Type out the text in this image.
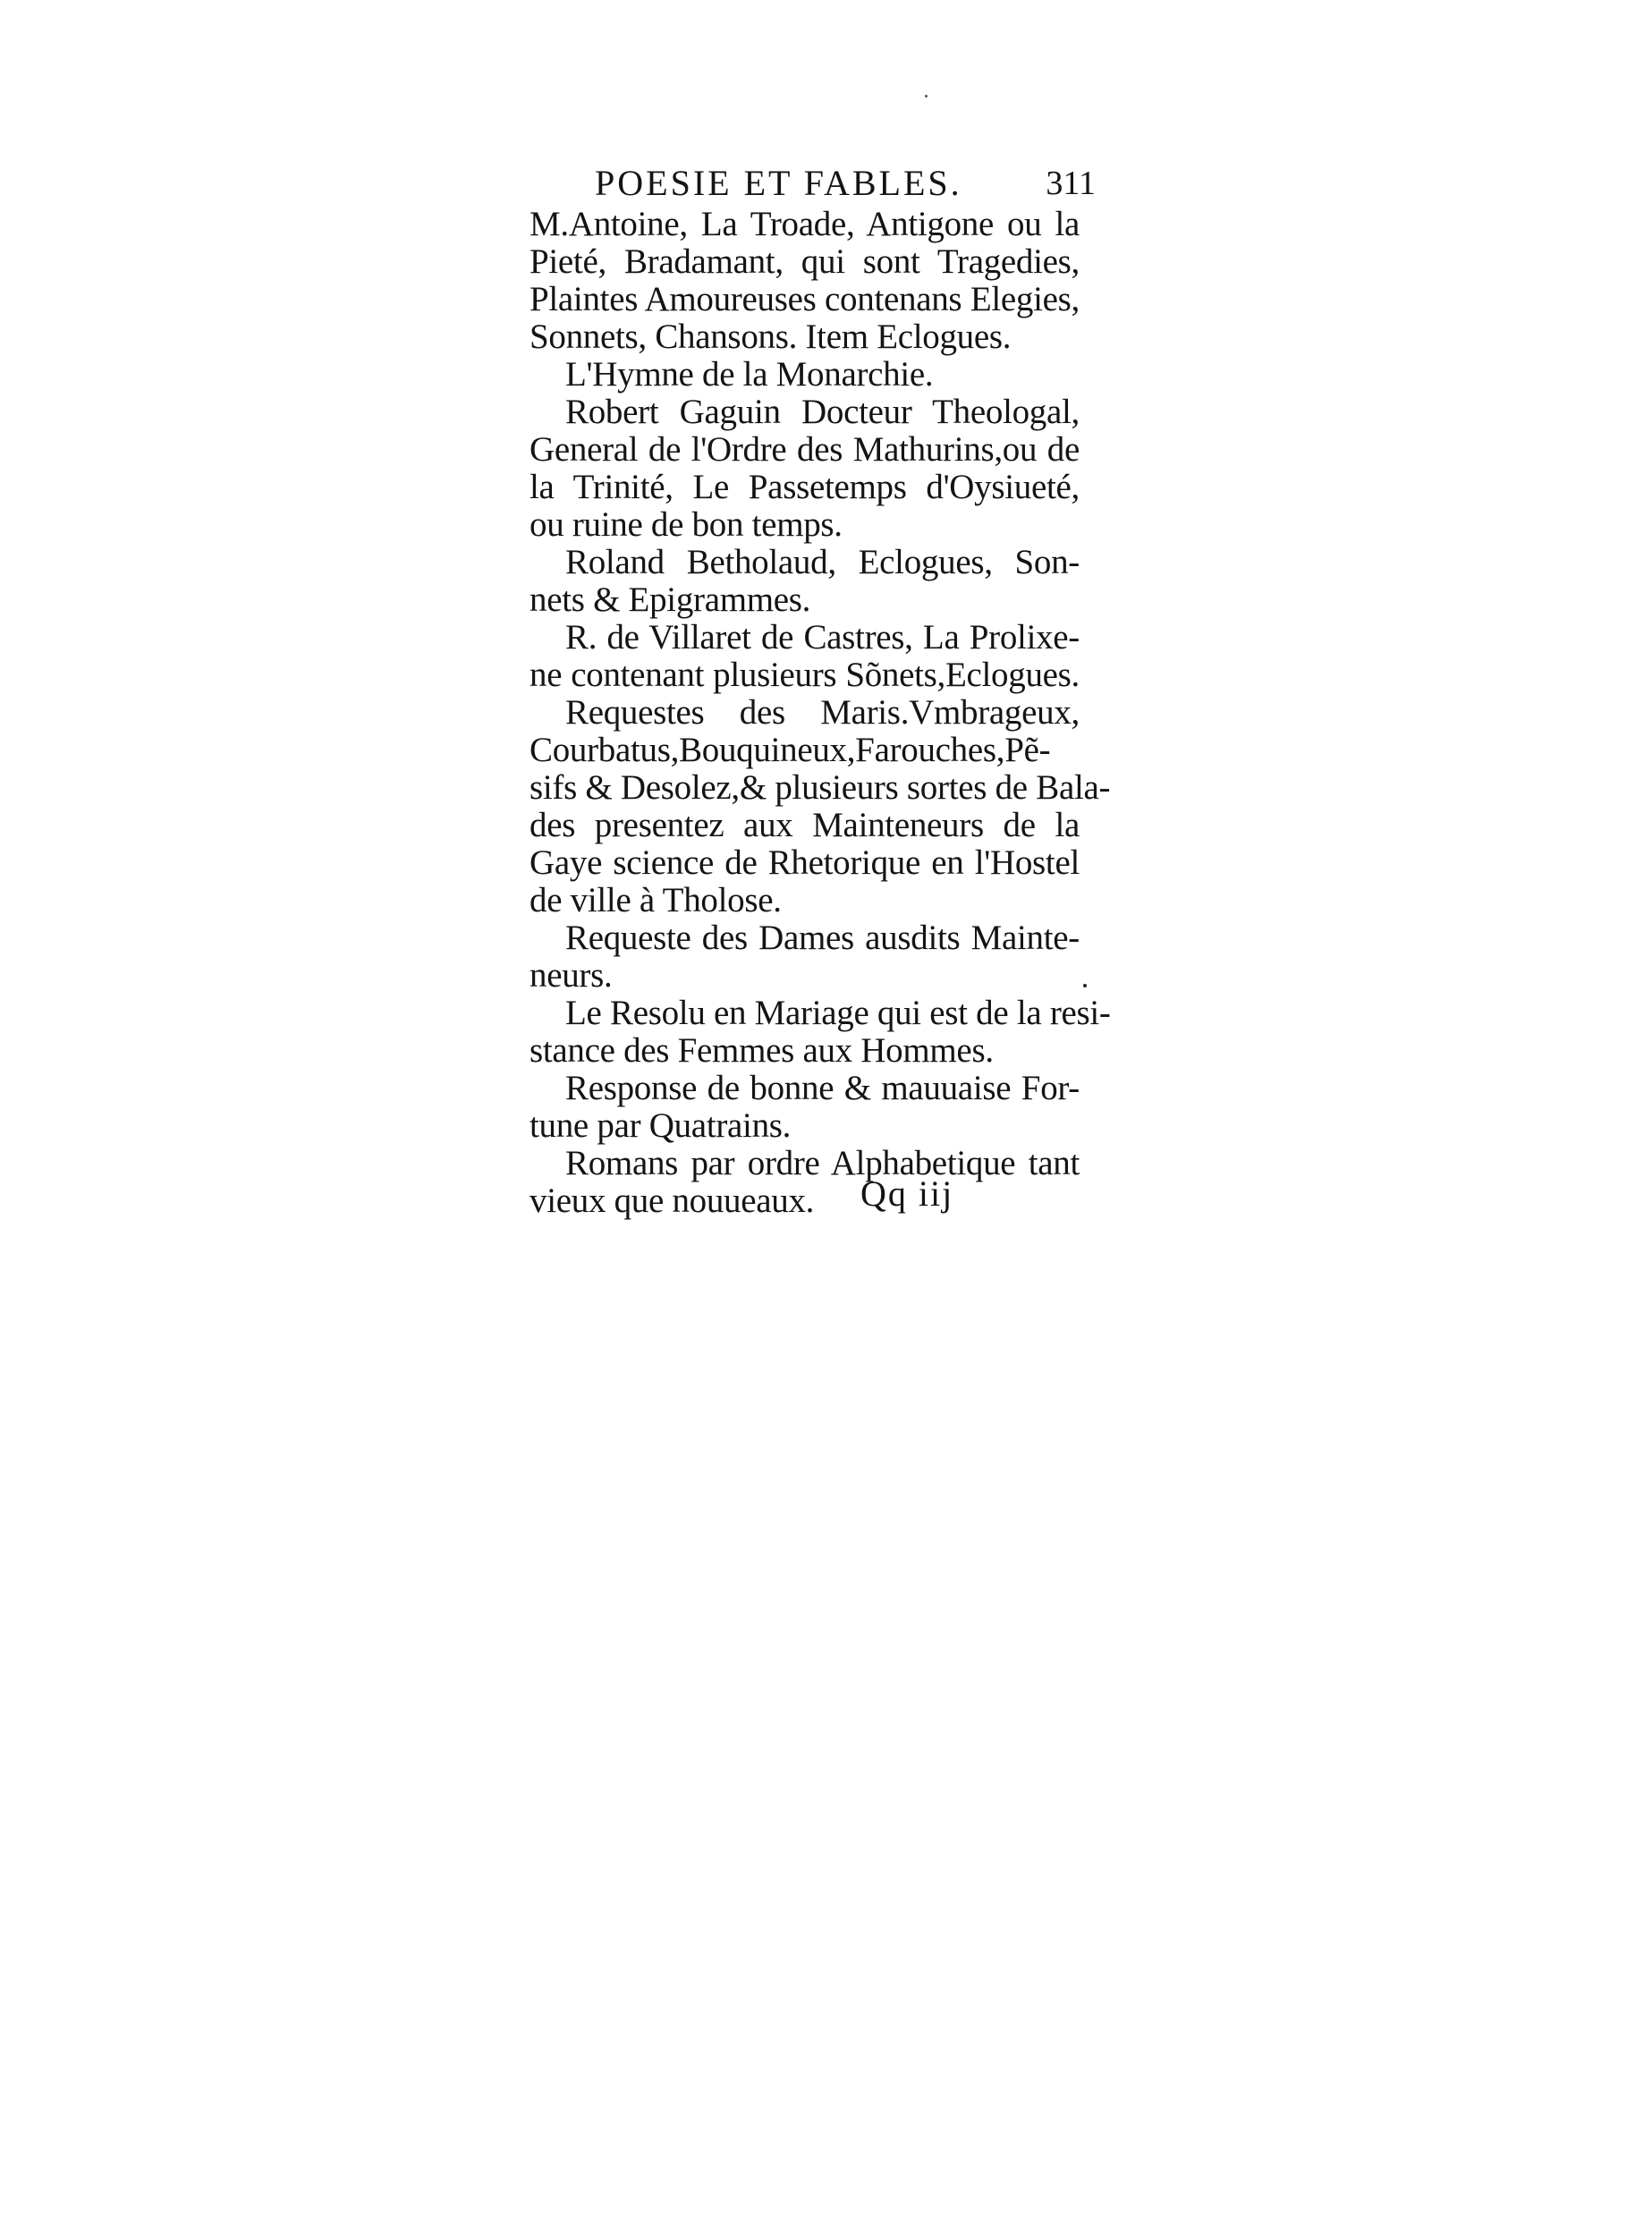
POESIE ET FABLES. 311
M.Antoine, La Troade, Antigone ou la
Pieté, Bradamant, qui sont Tragedies,
Plaintes Amoureuses contenans Elegies,
Sonnets, Chansons. Item Eclogues.
L'Hymne de la Monarchie.
Robert Gaguin Docteur Theologal,
General de l'Ordre des Mathurins,ou de
la Trinité, Le Passetemps d'Oysiueté,
ou ruine de bon temps.
Roland Betholaud, Eclogues, Son-
nets & Epigrammes.
R. de Villaret de Castres, La Prolixe-
ne contenant plusieurs Sõnets,Eclogues.
Requestes des Maris.Vmbrageux,
Courbatus,Bouquineux,Farouches,Pẽ-
sifs & Desolez,& plusieurs sortes de Bala-
des presentez aux Mainteneurs de la
Gaye science de Rhetorique en l'Hostel
de ville à Tholose.
Requeste des Dames ausdits Mainte-
neurs.
Le Resolu en Mariage qui est de la resi-
stance des Femmes aux Hommes.
Response de bonne & mauuaise For-
tune par Quatrains.
Romans par ordre Alphabetique tant
vieux que nouueaux.	Qq iij
